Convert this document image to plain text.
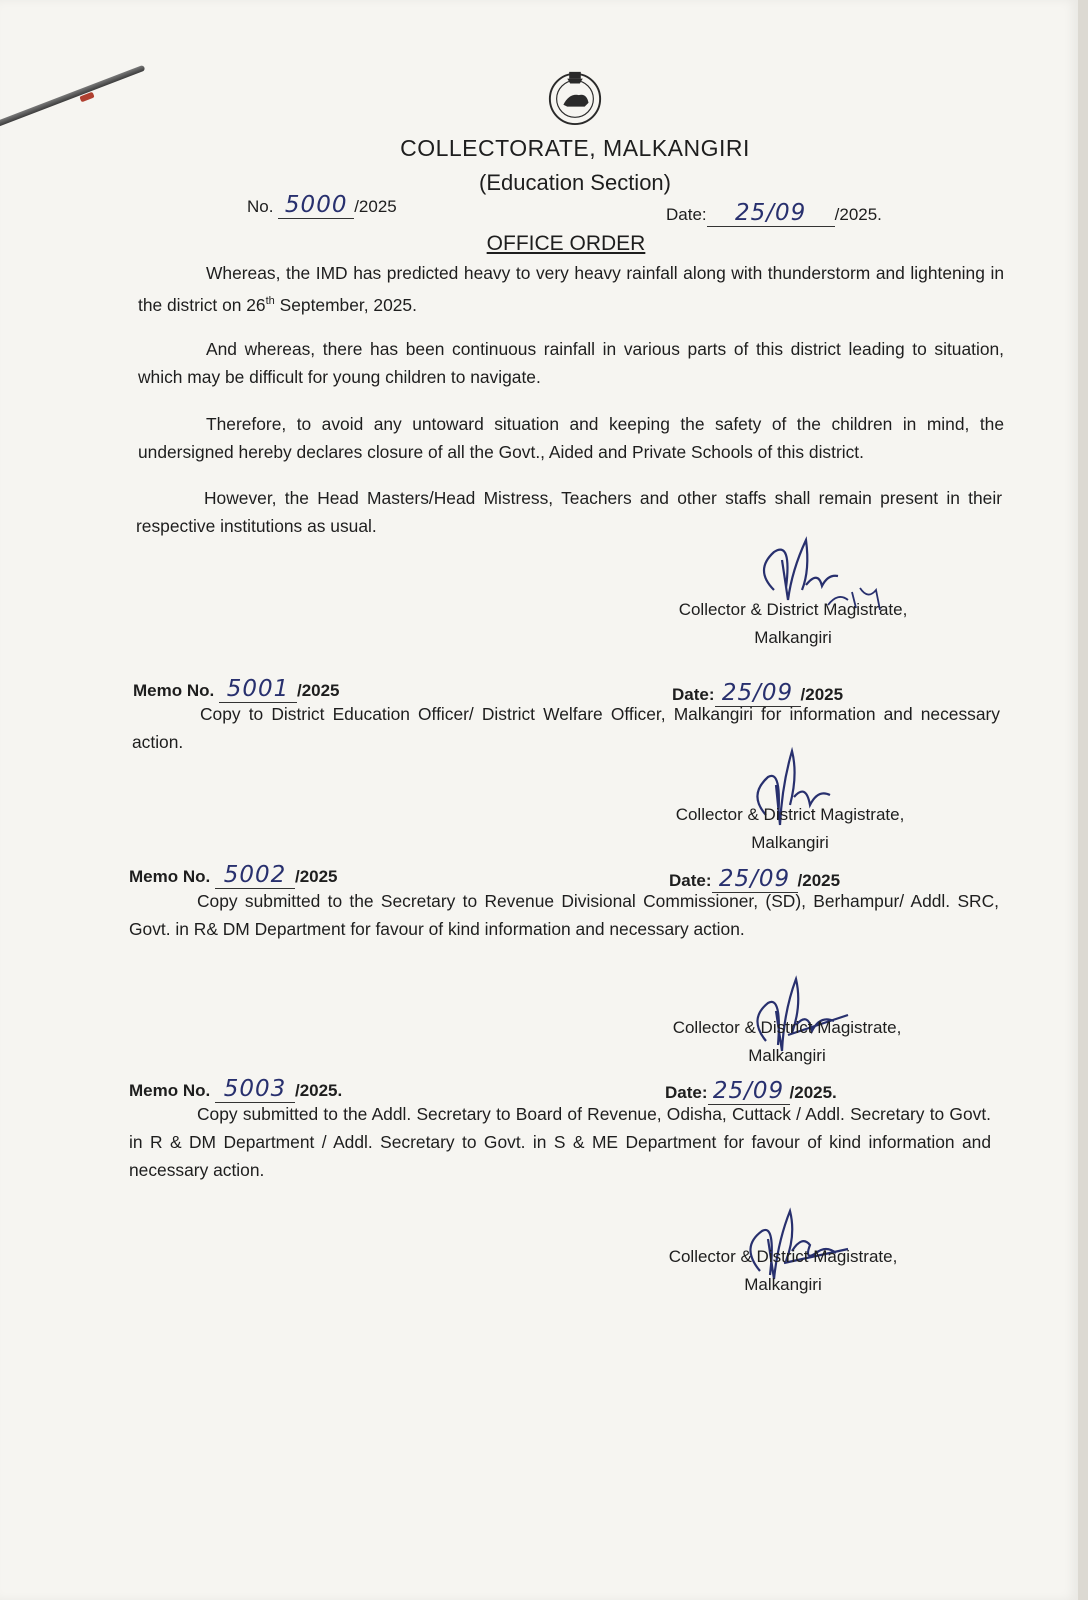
COLLECTORATE, MALKANGIRI
(Education Section)
No. 5000 /2025	Date: 25/09 /2025.
OFFICE ORDER
Whereas, the IMD has predicted heavy to very heavy rainfall along with thunderstorm and lightening in the district on 26th September, 2025.
And whereas, there has been continuous rainfall in various parts of this district leading to situation, which may be difficult for young children to navigate.
Therefore, to avoid any untoward situation and keeping the safety of the children in mind, the undersigned hereby declares closure of all the Govt., Aided and Private Schools of this district.
However, the Head Masters/Head Mistress, Teachers and other staffs shall remain present in their respective institutions as usual.
Collector & District Magistrate,
Malkangiri
Memo No. 5001 /2025	Date: 25/09 /2025
Copy to District Education Officer/ District Welfare Officer, Malkangiri for information and necessary action.
Collector & District Magistrate,
Malkangiri
Memo No. 5002 /2025	Date: 25/09 /2025
Copy submitted to the Secretary to Revenue Divisional Commissioner, (SD), Berhampur/ Addl. SRC, Govt. in R& DM Department for favour of kind information and necessary action.
Collector & District Magistrate,
Malkangiri
Memo No. 5003 /2025.	Date: 25/09 /2025.
Copy submitted to the Addl. Secretary to Board of Revenue, Odisha, Cuttack / Addl. Secretary to Govt. in R & DM Department / Addl. Secretary to Govt. in S & ME Department for favour of kind information and necessary action.
Collector & District Magistrate,
Malkangiri
